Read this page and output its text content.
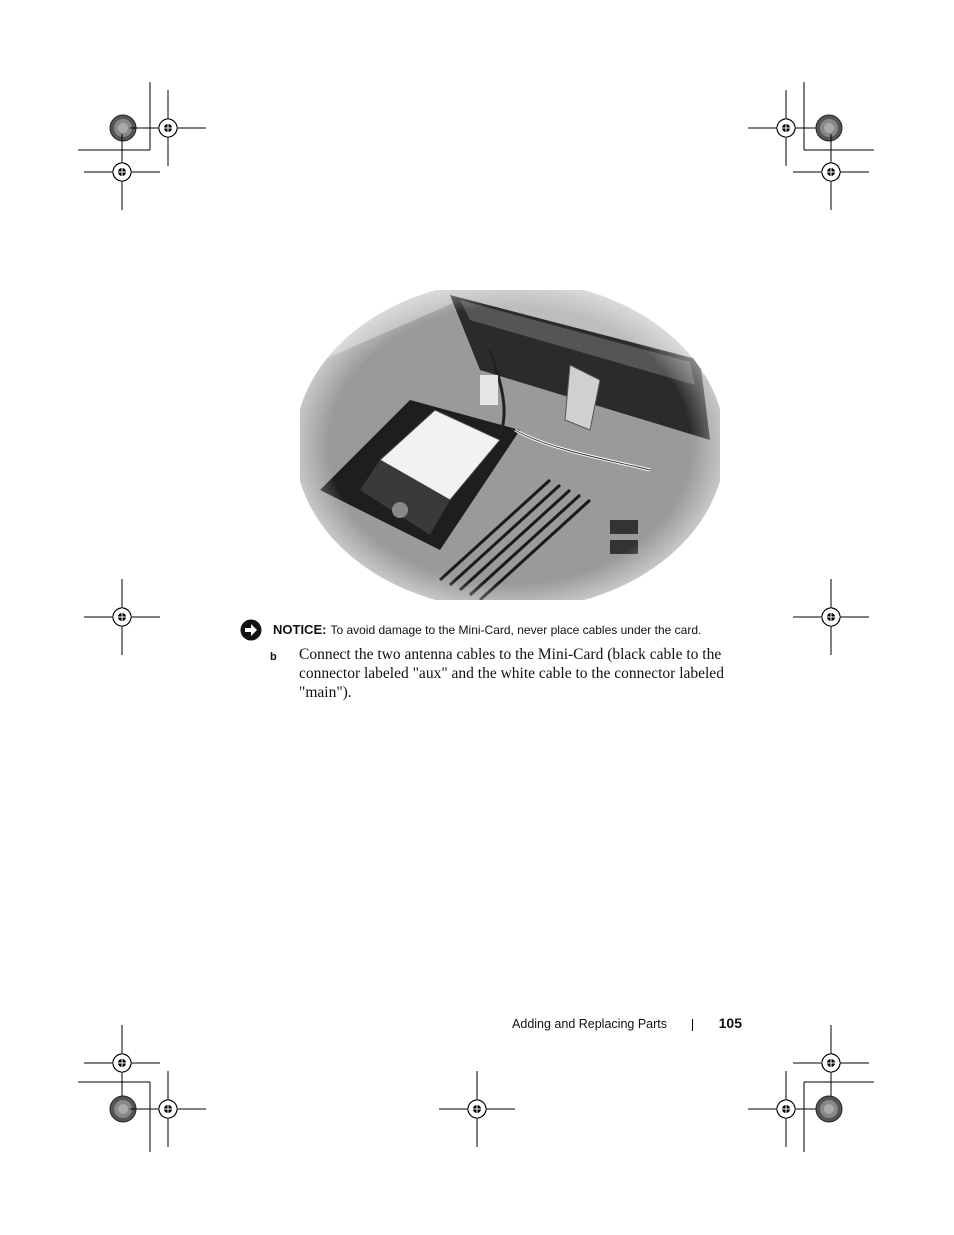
NOTICE: To avoid damage to the Mini-Card, never place cables under the card.
b Connect the two antenna cables to the Mini-Card (black cable to the connector labeled "aux" and the white cable to the connector labeled "main").
Adding and Replacing Parts	105
